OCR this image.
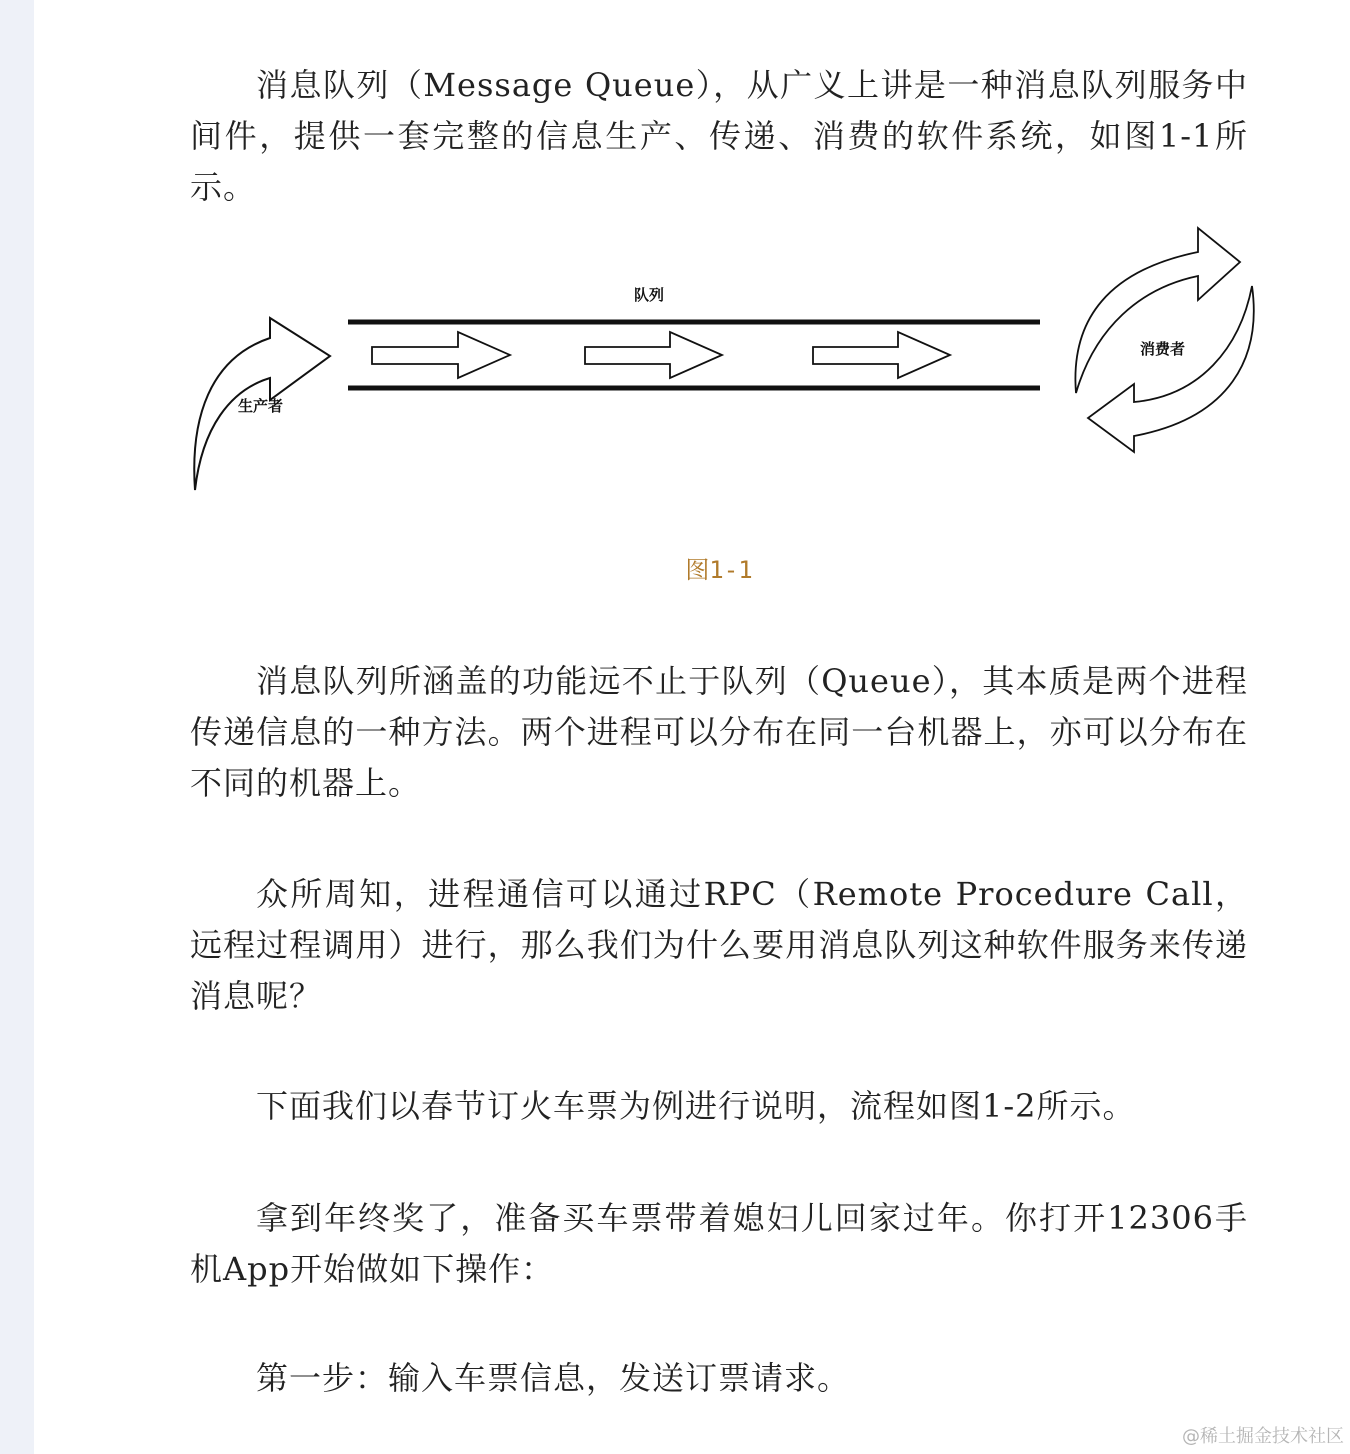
消息队列（Message Queue），从广义上讲是一种消息队列服务中间件，提供一套完整的信息生产、传递、消费的软件系统，如图1-1所示。

生产者
队列
消费者
图1-1

消息队列所涵盖的功能远不止于队列（Queue），其本质是两个进程传递信息的一种方法。两个进程可以分布在同一台机器上，亦可以分布在不同的机器上。

众所周知，进程通信可以通过RPC（Remote Procedure Call，远程过程调用）进行，那么我们为什么要用消息队列这种软件服务来传递消息呢？

下面我们以春节订火车票为例进行说明，流程如图1-2所示。

拿到年终奖了，准备买车票带着媳妇儿回家过年。你打开12306手机App开始做如下操作：

第一步：输入车票信息，发送订票请求。

@稀土掘金技术社区
